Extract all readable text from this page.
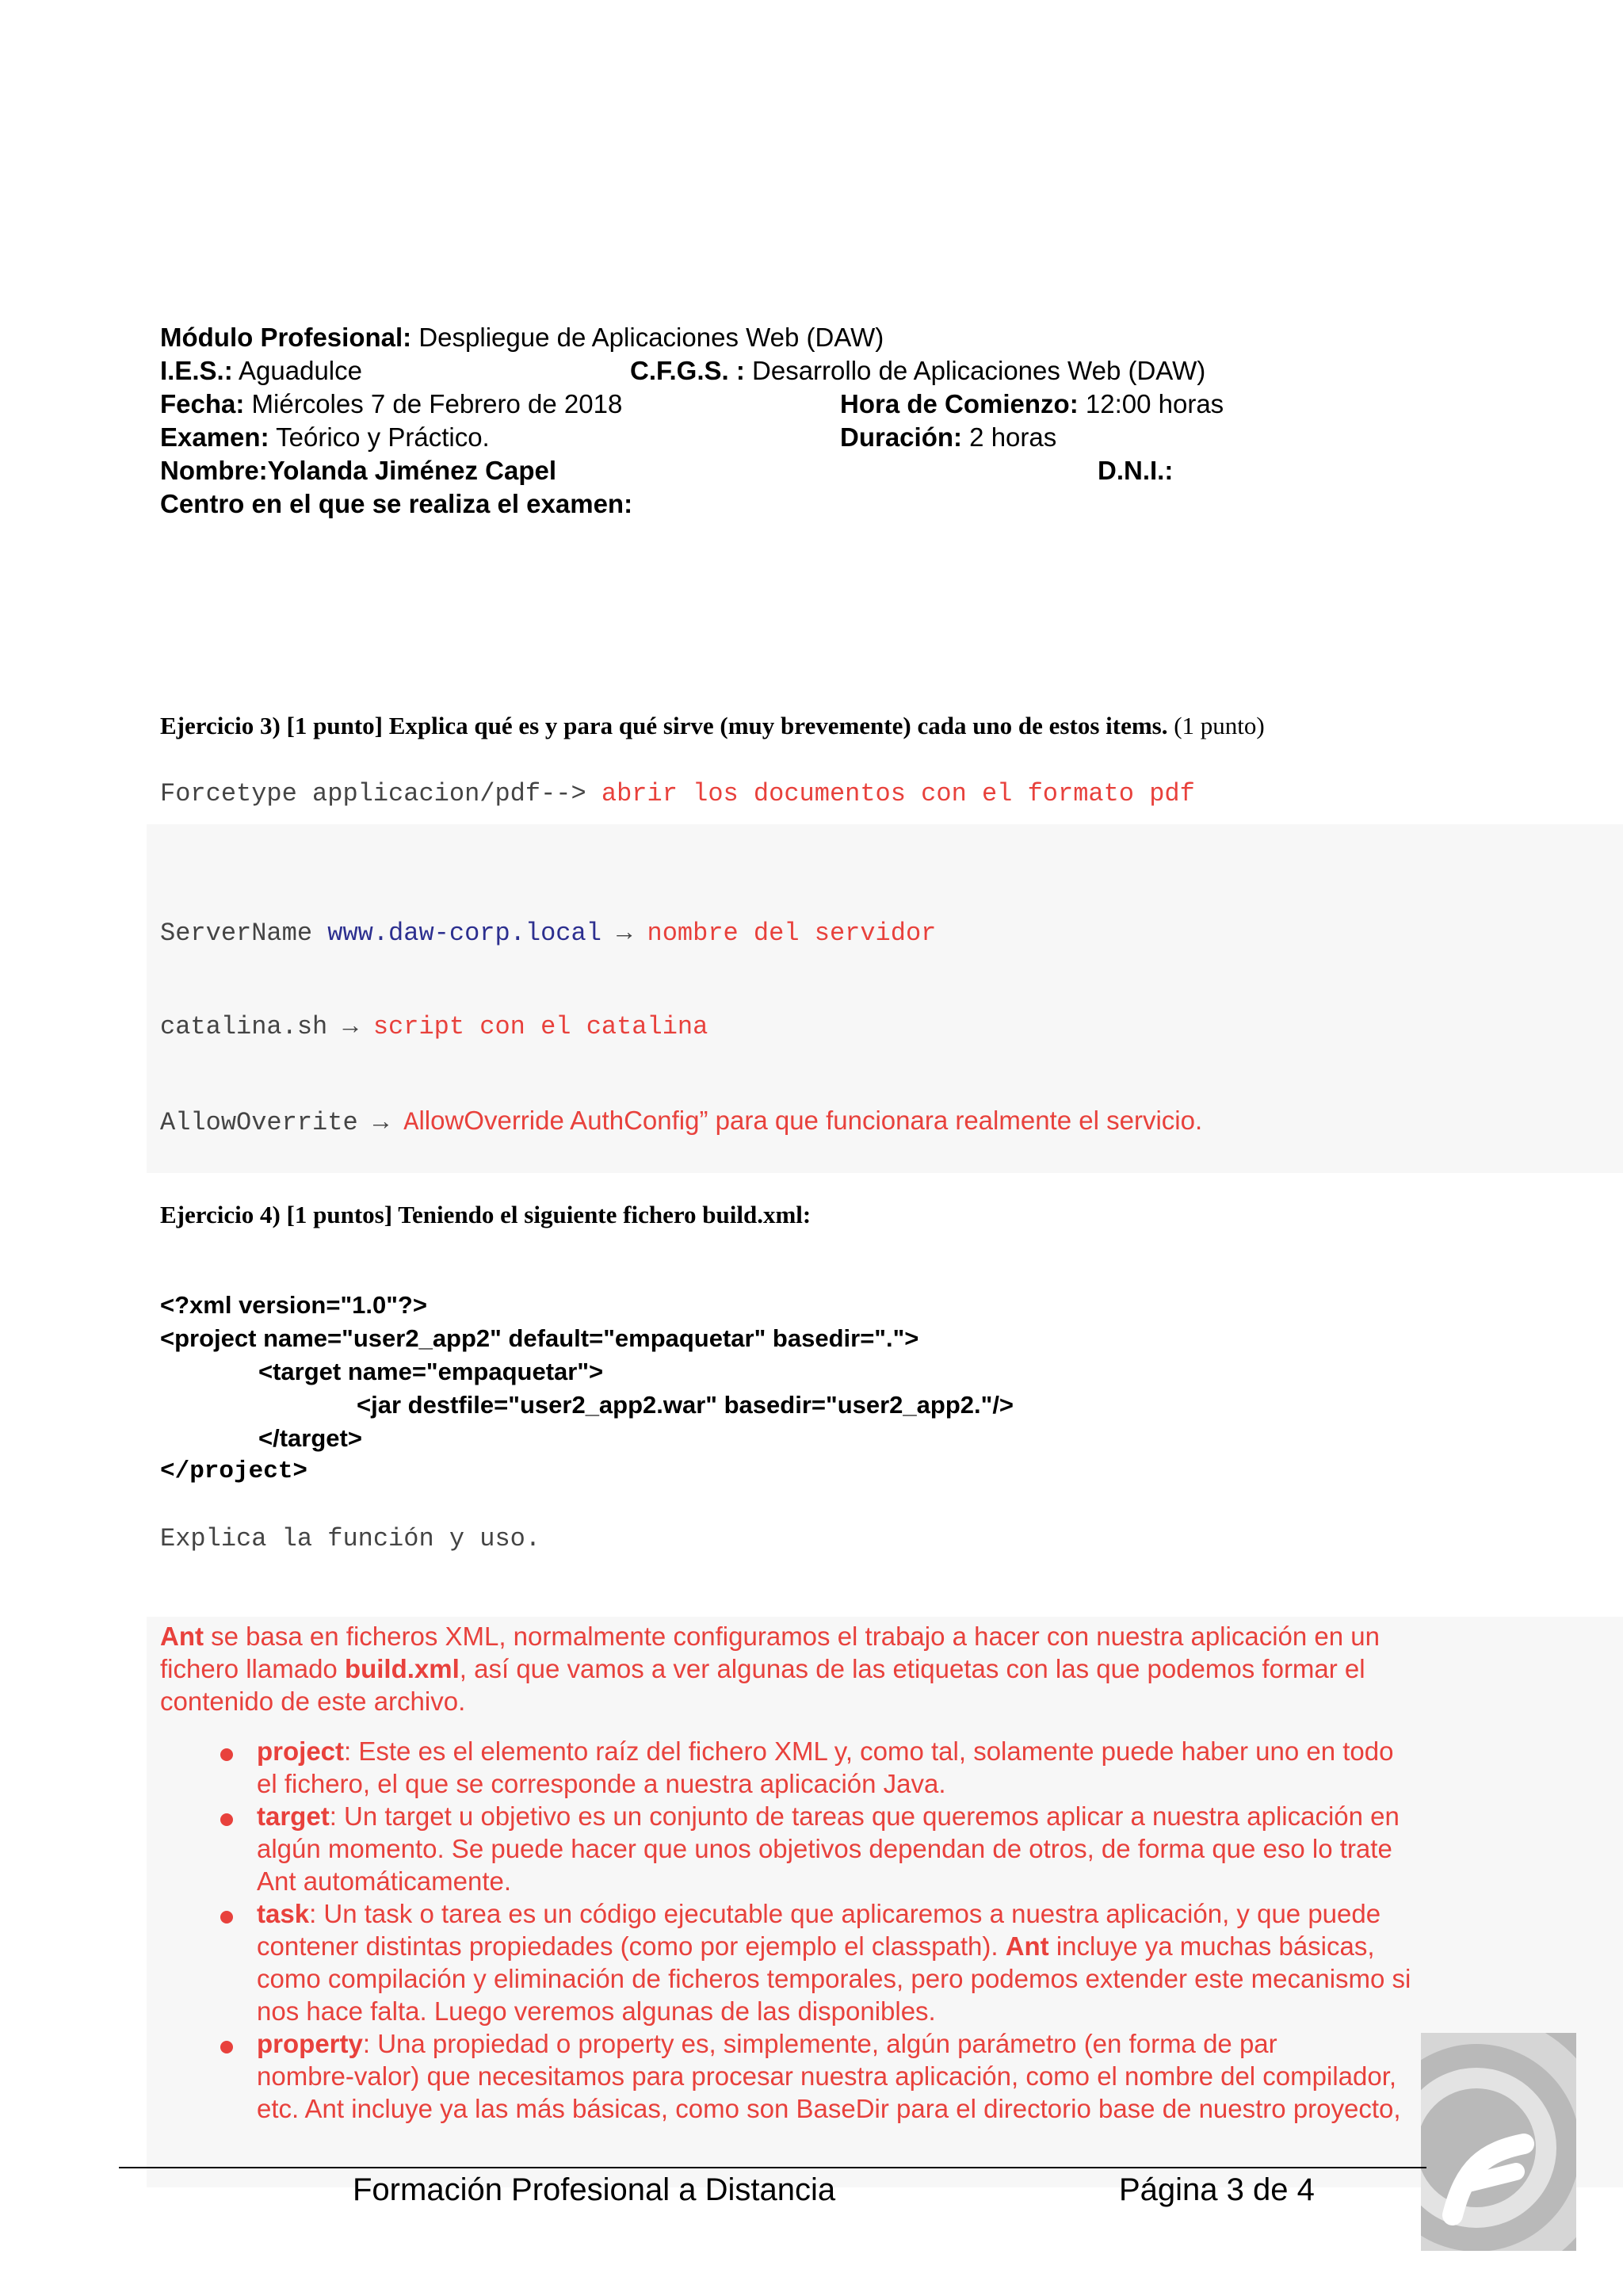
Módulo Profesional: Despliegue de Aplicaciones Web (DAW)
I.E.S.: Aguadulce	C.F.G.S. : Desarrollo de Aplicaciones Web (DAW)
Fecha: Miércoles 7 de Febrero de 2018	Hora de Comienzo: 12:00 horas
Examen: Teórico y Práctico.	Duración: 2 horas
Nombre:Yolanda Jiménez Capel	D.N.I.:
Centro en el que se realiza el examen:
Ejercicio 3) [1 punto] Explica qué es y para qué sirve (muy brevemente) cada uno de estos items. (1 punto)
Forcetype applicacion/pdf--> abrir los documentos con el formato pdf
ServerName www.daw-corp.local → nombre del servidor
catalina.sh → script con el catalina
AllowOverrite → AllowOverride AuthConfig” para que funcionara realmente el servicio.
Ejercicio 4) [1 puntos] Teniendo el siguiente fichero build.xml:
<?xml version="1.0"?>
<project name="user2_app2" default="empaquetar" basedir=".">
<target name="empaquetar">
<jar destfile="user2_app2.war" basedir="user2_app2."/>
</target>
</project>
Explica la función y uso.
Ant se basa en ficheros XML, normalmente configuramos el trabajo a hacer con nuestra aplicación en un
fichero llamado build.xml, así que vamos a ver algunas de las etiquetas con las que podemos formar el
contenido de este archivo.
project: Este es el elemento raíz del fichero XML y, como tal, solamente puede haber uno en todo
el fichero, el que se corresponde a nuestra aplicación Java.
target: Un target u objetivo es un conjunto de tareas que queremos aplicar a nuestra aplicación en
algún momento. Se puede hacer que unos objetivos dependan de otros, de forma que eso lo trate
Ant automáticamente.
task: Un task o tarea es un código ejecutable que aplicaremos a nuestra aplicación, y que puede
contener distintas propiedades (como por ejemplo el classpath). Ant incluye ya muchas básicas,
como compilación y eliminación de ficheros temporales, pero podemos extender este mecanismo si
nos hace falta. Luego veremos algunas de las disponibles.
property: Una propiedad o property es, simplemente, algún parámetro (en forma de par
nombre-valor) que necesitamos para procesar nuestra aplicación, como el nombre del compilador,
etc. Ant incluye ya las más básicas, como son BaseDir para el directorio base de nuestro proyecto,
Formación Profesional a Distancia	Página 3 de 4
